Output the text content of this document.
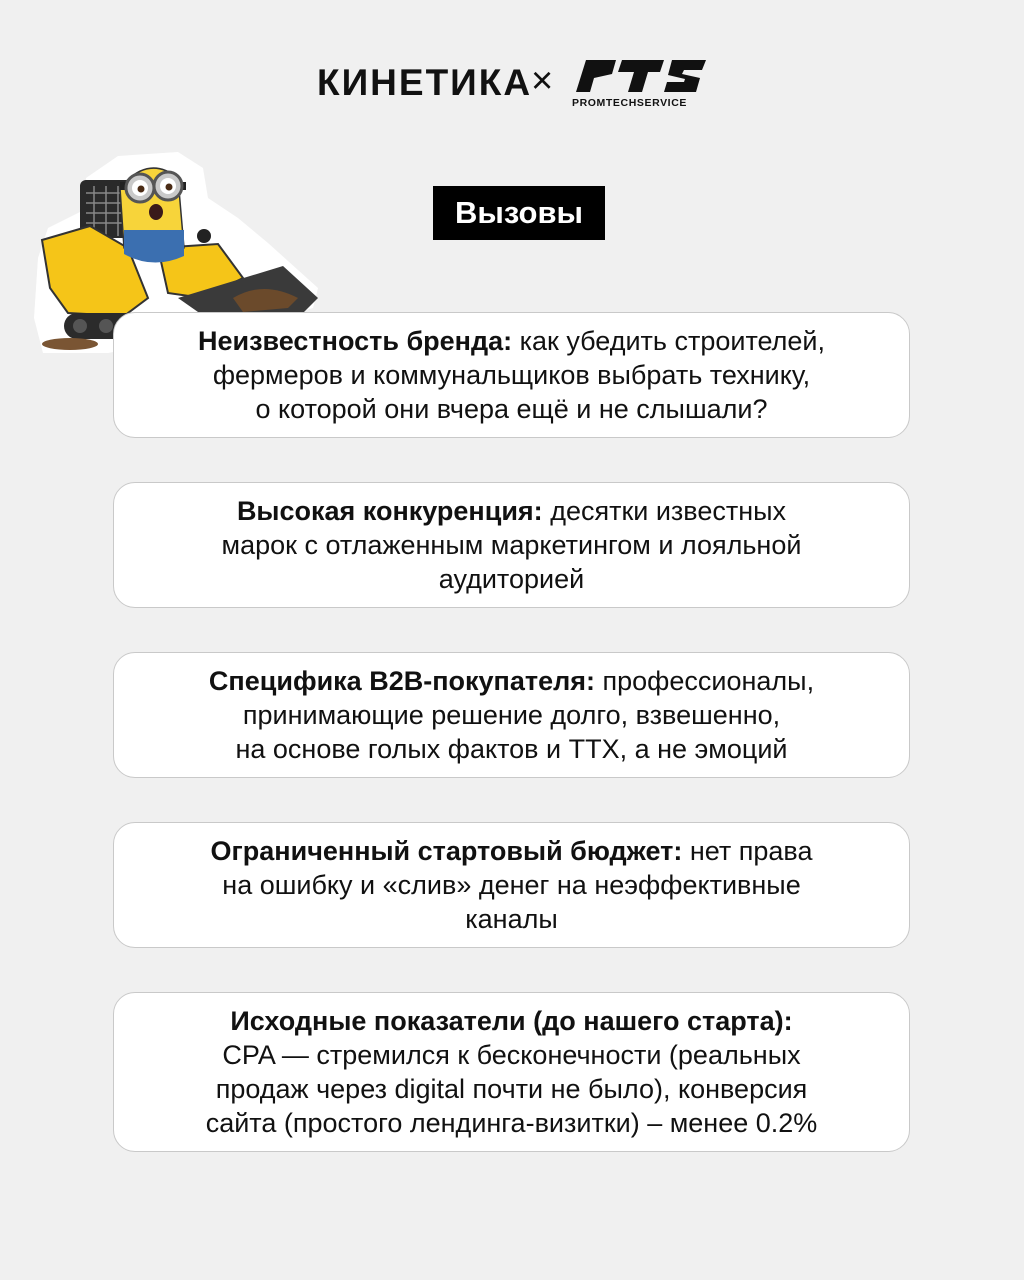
КИНЕТИКА
×
PROMTECHSERVICE
Вызовы

Неизвестность бренда: как убедить строителей,
фермеров и коммунальщиков выбрать технику,
о которой они вчера ещё и не слышали?

Высокая конкуренция: десятки известных
марок с отлаженным маркетингом и лояльной
аудиторией

Специфика B2B-покупателя: профессионалы,
принимающие решение долго, взвешенно,
на основе голых фактов и ТТХ, а не эмоций

Ограниченный стартовый бюджет: нет права
на ошибку и «слив» денег на неэффективные
каналы

Исходные показатели (до нашего старта):
CPA — стремился к бесконечности (реальных
продаж через digital почти не было), конверсия
сайта (простого лендинга-визитки) – менее 0.2%
